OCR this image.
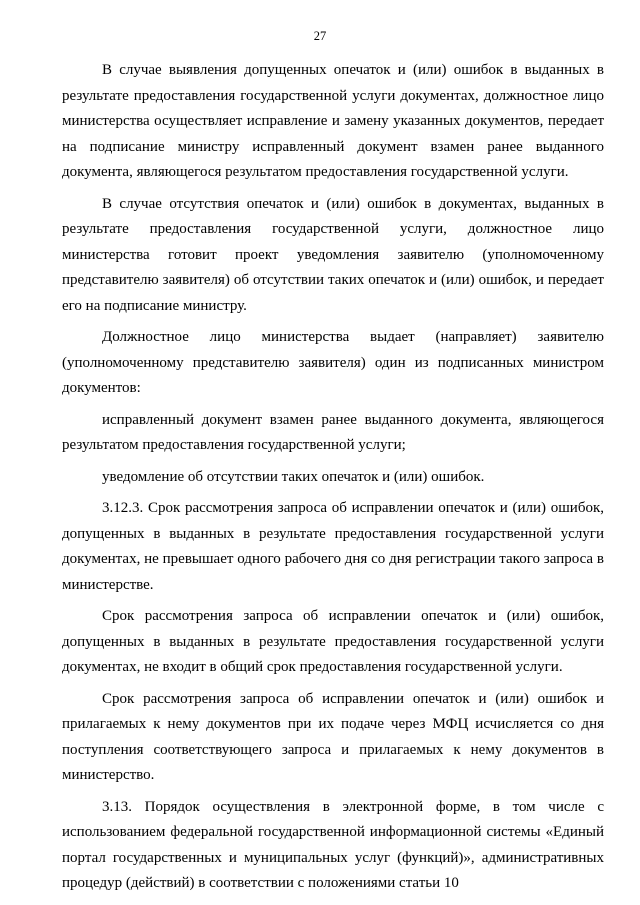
27

В случае выявления допущенных опечаток и (или) ошибок в выданных в результате предоставления государственной услуги документах, должностное лицо министерства осуществляет исправление и замену указанных документов, передает на подписание министру исправленный документ взамен ранее выданного документа, являющегося результатом предоставления государственной услуги.

В случае отсутствия опечаток и (или) ошибок в документах, выданных в результате предоставления государственной услуги, должностное лицо министерства готовит проект уведомления заявителю (уполномоченному представителю заявителя) об отсутствии таких опечаток и (или) ошибок, и передает его на подписание министру.

Должностное лицо министерства выдает (направляет) заявителю (уполномоченному представителю заявителя) один из подписанных министром документов:

исправленный документ взамен ранее выданного документа, являющегося результатом предоставления государственной услуги;

уведомление об отсутствии таких опечаток и (или) ошибок.

3.12.3. Срок рассмотрения запроса об исправлении опечаток и (или) ошибок, допущенных в выданных в результате предоставления государственной услуги документах, не превышает одного рабочего дня со дня регистрации такого запроса в министерстве.

Срок рассмотрения запроса об исправлении опечаток и (или) ошибок, допущенных в выданных в результате предоставления государственной услуги документах, не входит в общий срок предоставления государственной услуги.

Срок рассмотрения запроса об исправлении опечаток и (или) ошибок и прилагаемых к нему документов при их подаче через МФЦ исчисляется со дня поступления соответствующего запроса и прилагаемых к нему документов в министерство.

3.13. Порядок осуществления в электронной форме, в том числе с использованием федеральной государственной информационной системы «Единый портал государственных и муниципальных услуг (функций)», административных процедур (действий) в соответствии с положениями статьи 10
